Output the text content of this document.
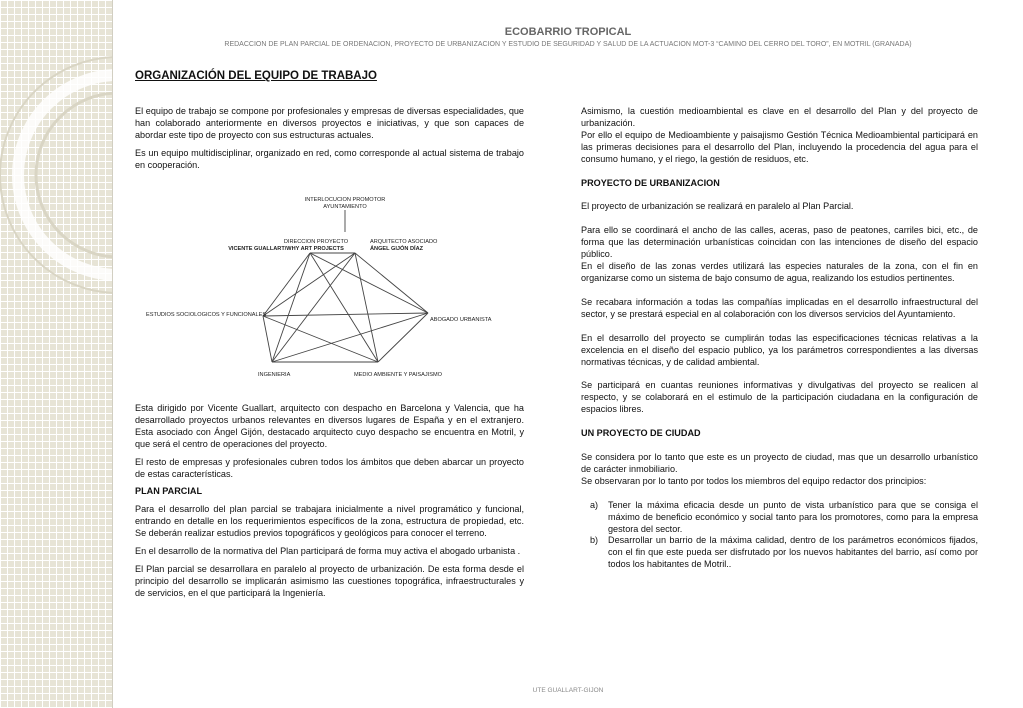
ECOBARRIO TROPICAL
REDACCION DE PLAN PARCIAL DE ORDENACION, PROYECTO DE URBANIZACION Y ESTUDIO DE SEGURIDAD Y SALUD DE LA ACTUACION MOT-3 “CAMINO DEL CERRO DEL TORO”, EN MOTRIL (GRANADA)
ORGANIZACIÓN DEL EQUIPO DE TRABAJO

El equipo de trabajo se compone por profesionales y empresas de diversas especialidades, que han colaborado anteriormente en diversos proyectos e iniciativas, y que son capaces de abordar este tipo de proyecto con sus estructuras actuales.

Es un equipo multidisciplinar, organizado en red, como corresponde al actual sistema de trabajo en cooperación.

INTERLOCUCION PROMOTOR
AYUNTAMIENTO
DIRECCION PROYECTO
VICENTE GUALLART/WHY ART PROJECTS
ARQUITECTO ASOCIADO
ÁNGEL GIJÓN DÍAZ
ESTUDIOS SOCIOLOGICOS Y FUNCIONALES
ABOGADO URBANISTA
INGENIERIA	MEDIO AMBIENTE Y PAISAJISMO

Esta dirigido por Vicente Guallart, arquitecto con despacho en Barcelona y Valencia, que ha desarrollado proyectos urbanos relevantes en diversos lugares de España y en el extranjero. Esta asociado con Ángel Gijón, destacado arquitecto cuyo despacho se encuentra en Motril, y que será el centro de operaciones del proyecto.

El resto de empresas y profesionales cubren todos los ámbitos que deben abarcar un proyecto de estas características.

PLAN PARCIAL

Para el desarrollo del plan parcial se trabajara inicialmente a nivel programático y funcional, entrando en detalle en los requerimientos específicos de la zona, estructura de propiedad, etc. Se deberán realizar estudios previos topográficos y geológicos para conocer el terreno.

En el desarrollo de la normativa del Plan participará de forma muy activa el abogado urbanista .

El Plan parcial se desarrollara en paralelo al proyecto de urbanización. De esta forma desde el principio del desarrollo se implicarán asimismo las cuestiones topográfica, infraestructurales y de servicios, en el que participará la Ingeniería.

Asimismo, la cuestión medioambiental es clave en el desarrollo del Plan y del proyecto de urbanización.

Por ello el equipo de Medioambiente y paisajismo Gestión Técnica Medioambiental participará en las primeras decisiones para el desarrollo del Plan, incluyendo la procedencia del agua para el consumo humano, y el riego, la gestión de residuos, etc.

PROYECTO DE URBANIZACION

El proyecto de urbanización se realizará en paralelo al Plan Parcial.

Para ello se coordinará el ancho de las calles, aceras, paso de peatones, carriles bici, etc., de forma que las determinación urbanísticas coincidan con las intenciones de diseño del espacio público.

En el diseño de las zonas verdes utilizará las especies naturales de la zona, con el fin en organizarse como un sistema de bajo consumo de agua, realizando los estudios pertinentes.

Se recabara información a todas las compañías implicadas en el desarrollo infraestructural del sector, y se prestará especial en al colaboración con los diversos servicios del Ayuntamiento.

En el desarrollo del proyecto se cumplirán todas las especificaciones técnicas relativas a la excelencia en el diseño del espacio publico, ya los parámetros correspondientes a las diversas normativas técnicas, y de calidad ambiental.

Se participará en cuantas reuniones informativas y divulgativas del proyecto se realicen al respecto, y se colaborará en el estimulo de la participación ciudadana en la configuración de espacios libres.

UN PROYECTO DE CIUDAD

Se considera por lo tanto que este es un proyecto de ciudad, mas que un desarrollo urbanístico de carácter inmobiliario.

Se observaran por lo tanto por todos los miembros del equipo redactor dos principios:

a) Tener la máxima eficacia desde un punto de vista urbanístico para que se consiga el máximo de beneficio económico y social tanto para los promotores, como para la empresa gestora del sector.
b) Desarrollar un barrio de la máxima calidad, dentro de los parámetros económicos fijados, con el fin que este pueda ser disfrutado por los nuevos habitantes del barrio, así como por todos los habitantes de Motril..
UTE GUALLART-GIJON
